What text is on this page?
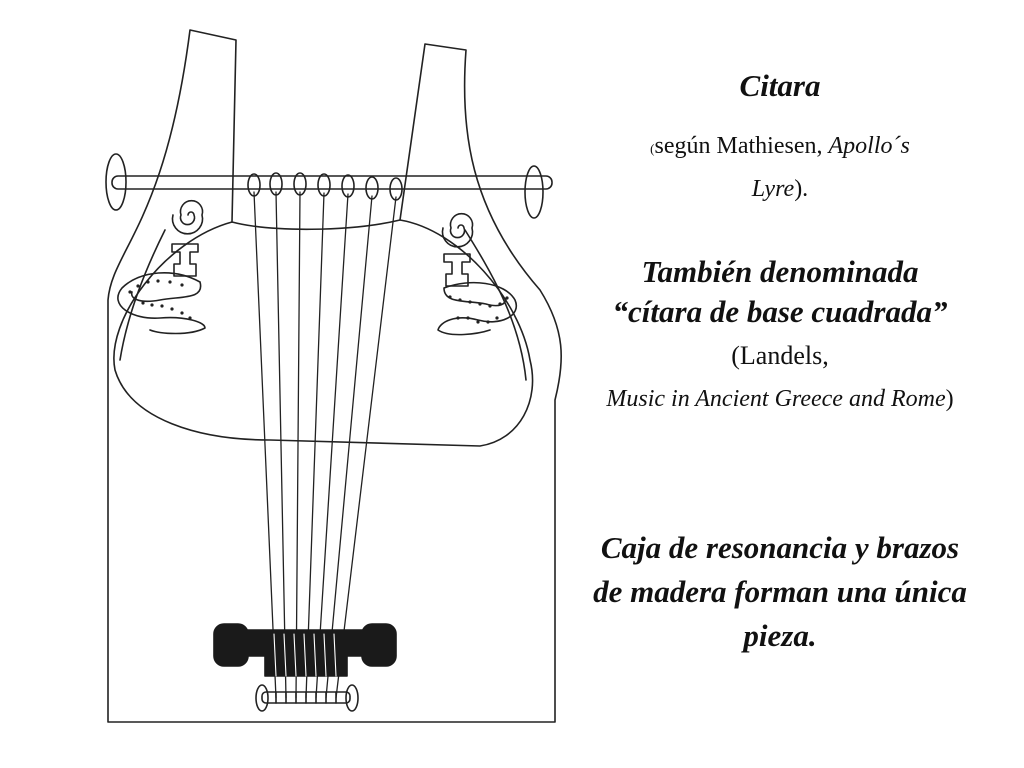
Citara
(según Mathiesen, Apollo´s Lyre).
También denominada
“cítara de base cuadrada” (Landels,
Music in Ancient Greece and Rome)
Caja de resonancia y brazos de madera forman una única pieza.
